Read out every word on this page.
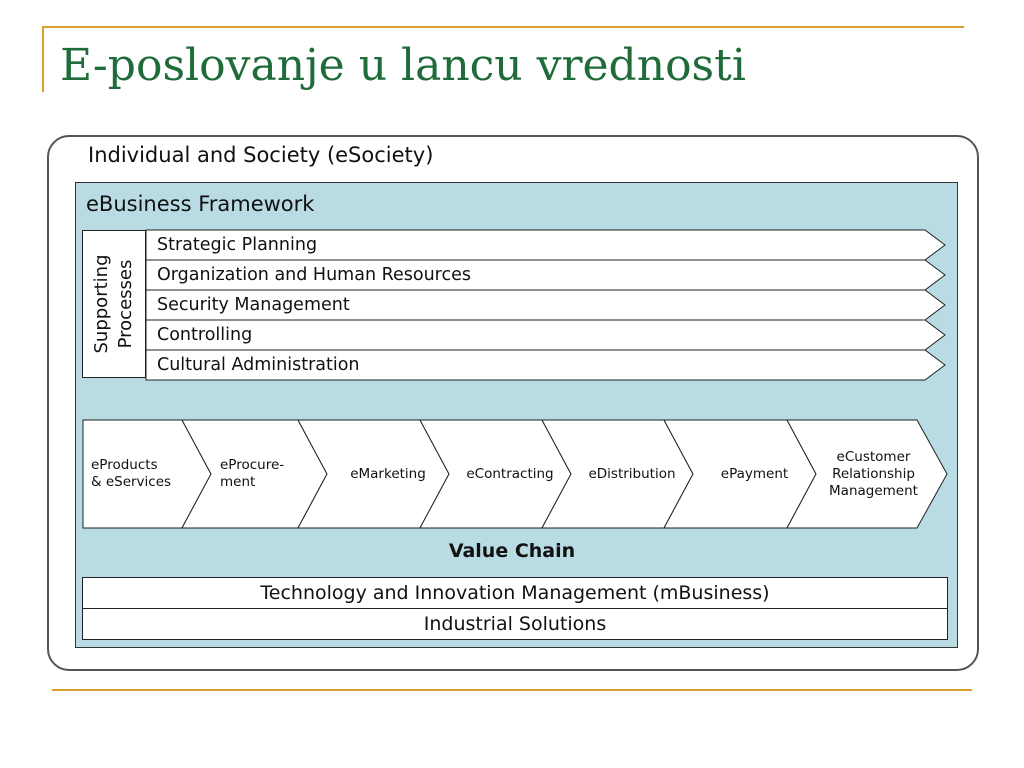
E-poslovanje u lancu vrednosti
Individual and Society (eSociety)
eBusiness Framework
Supporting Processes
Strategic Planning
Organization and Human Resources
Security Management
Controlling
Cultural Administration
eProducts
& eServices
eProcure-
ment	eMarketing	eContracting	eDistribution	ePayment
eCustomer
Relationship
Management
Value Chain
Technology and Innovation Management (mBusiness)
Industrial Solutions
